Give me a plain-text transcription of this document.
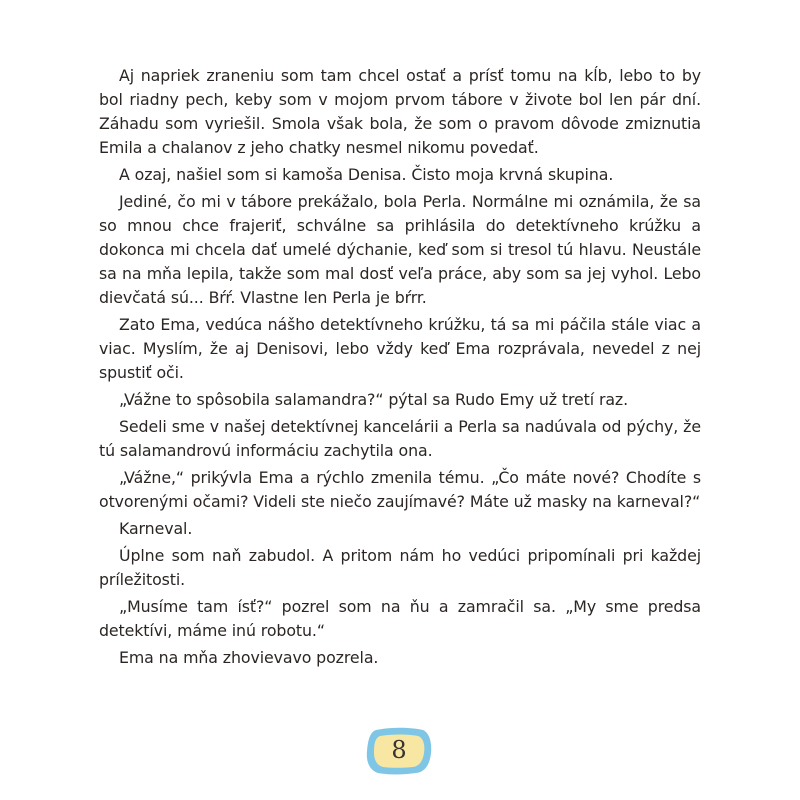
Aj napriek zraneniu som tam chcel ostať a prísť tomu na kĺb, lebo to by bol riadny pech, keby som v mojom prvom tábore v živote bol len pár dní. Záhadu som vyriešil. Smola však bola, že som o pravom dôvode zmiznutia Emila a chalanov z jeho chatky nesmel nikomu povedať.

A ozaj, našiel som si kamoša Denisa. Čisto moja krvná skupina.

Jediné, čo mi v tábore prekážalo, bola Perla. Normálne mi oznámila, že sa so mnou chce frajeriť, schválne sa prihlásila do detektívneho krúžku a dokonca mi chcela dať umelé dýchanie, keď som si tresol tú hlavu. Neustále sa na mňa lepila, takže som mal dosť veľa práce, aby som sa jej vyhol. Lebo dievčatá sú... Bŕŕ. Vlastne len Perla je bŕrr.

Zato Ema, vedúca nášho detektívneho krúžku, tá sa mi páčila stále viac a viac. Myslím, že aj Denisovi, lebo vždy keď Ema rozprávala, nevedel z nej spustiť oči.

„Vážne to spôsobila salamandra?“ pýtal sa Rudo Emy už tretí raz.

Sedeli sme v našej detektívnej kancelárii a Perla sa nadúvala od pýchy, že tú salamandrovú informáciu zachytila ona.

„Vážne,“ prikývla Ema a rýchlo zmenila tému. „Čo máte nové? Chodíte s otvorenými očami? Videli ste niečo zaujímavé? Máte už masky na karneval?“

Karneval.

Úplne som naň zabudol. A pritom nám ho vedúci pripomínali pri každej príležitosti.

„Musíme tam ísť?“ pozrel som na ňu a zamračil sa. „My sme predsa detektívi, máme inú robotu.“

Ema na mňa zhovievavo pozrela.

8
